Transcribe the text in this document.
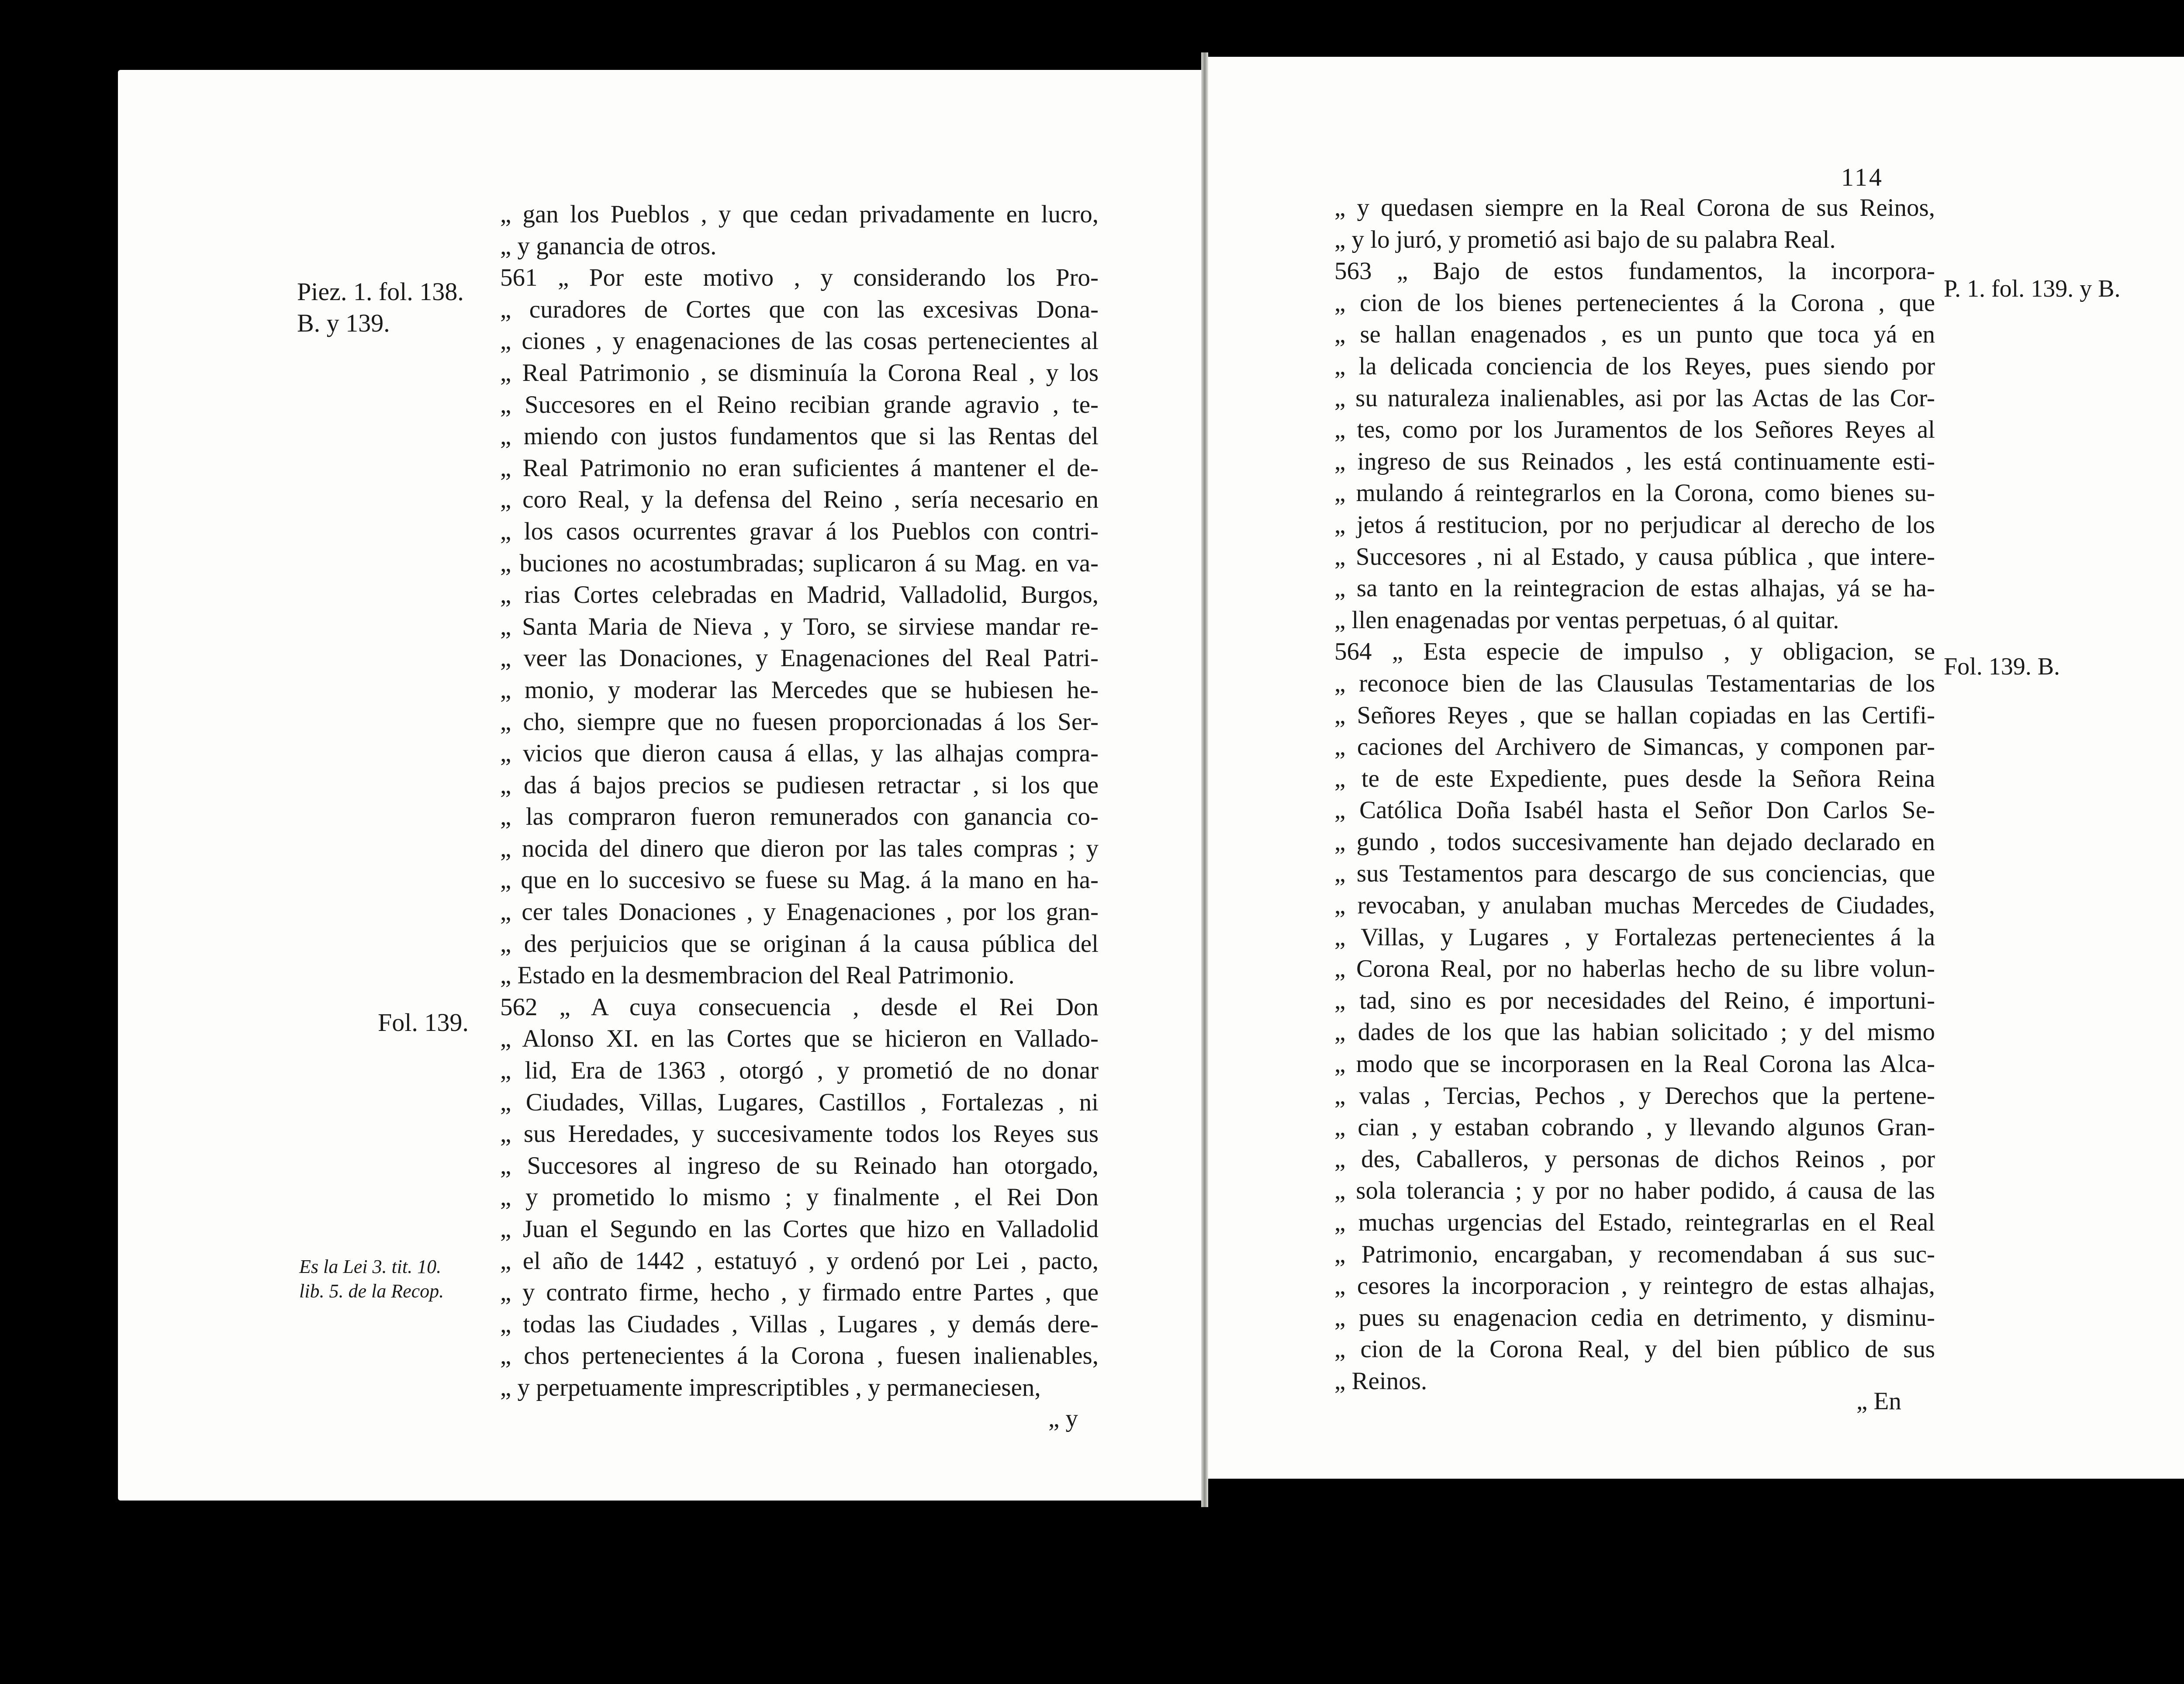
Piez. 1. fol. 138.
B. y 139.
Fol. 139.
Es la Lei 3. tit. 10.
lib. 5. de la Recop.
„ gan los Pueblos , y que cedan privadamente en lucro,
„ y ganancia de otros.
561 „ Por este motivo , y considerando los Pro-
„ curadores de Cortes que con las excesivas Dona-
„ ciones , y enagenaciones de las cosas pertenecientes al
„ Real Patrimonio , se disminuía la Corona Real , y los
„ Succesores en el Reino recibian grande agravio , te-
„ miendo con justos fundamentos que si las Rentas del
„ Real Patrimonio no eran suficientes á mantener el de-
„ coro Real, y la defensa del Reino , sería necesario en
„ los casos ocurrentes gravar á los Pueblos con contri-
„ buciones no acostumbradas; suplicaron á su Mag. en va-
„ rias Cortes celebradas en Madrid, Valladolid, Burgos,
„ Santa Maria de Nieva , y Toro, se sirviese mandar re-
„ veer las Donaciones, y Enagenaciones del Real Patri-
„ monio, y moderar las Mercedes que se hubiesen he-
„ cho, siempre que no fuesen proporcionadas á los Ser-
„ vicios que dieron causa á ellas, y las alhajas compra-
„ das á bajos precios se pudiesen retractar , si los que
„ las compraron fueron remunerados con ganancia co-
„ nocida del dinero que dieron por las tales compras ; y
„ que en lo succesivo se fuese su Mag. á la mano en ha-
„ cer tales Donaciones , y Enagenaciones , por los gran-
„ des perjuicios que se originan á la causa pública del
„ Estado en la desmembracion del Real Patrimonio.
562 „ A cuya consecuencia , desde el Rei Don
„ Alonso XI. en las Cortes que se hicieron en Vallado-
„ lid, Era de 1363 , otorgó , y prometió de no donar
„ Ciudades, Villas, Lugares, Castillos , Fortalezas , ni
„ sus Heredades, y succesivamente todos los Reyes sus
„ Succesores al ingreso de su Reinado han otorgado,
„ y prometido lo mismo ; y finalmente , el Rei Don
„ Juan el Segundo en las Cortes que hizo en Valladolid
„ el año de 1442 , estatuyó , y ordenó por Lei , pacto,
„ y contrato firme, hecho , y firmado entre Partes , que
„ todas las Ciudades , Villas , Lugares , y demás dere-
„ chos pertenecientes á la Corona , fuesen inalienables,
„ y perpetuamente imprescriptibles , y permaneciesen,
„ y
114
P. 1. fol. 139. y B.
Fol. 139. B.
„ y quedasen siempre en la Real Corona de sus Reinos,
„ y lo juró, y prometió asi bajo de su palabra Real.
563 „ Bajo de estos fundamentos, la incorpora-
„ cion de los bienes pertenecientes á la Corona , que
„ se hallan enagenados , es un punto que toca yá en
„ la delicada conciencia de los Reyes, pues siendo por
„ su naturaleza inalienables, asi por las Actas de las Cor-
„ tes, como por los Juramentos de los Señores Reyes al
„ ingreso de sus Reinados , les está continuamente esti-
„ mulando á reintegrarlos en la Corona, como bienes su-
„ jetos á restitucion, por no perjudicar al derecho de los
„ Succesores , ni al Estado, y causa pública , que intere-
„ sa tanto en la reintegracion de estas alhajas, yá se ha-
„ llen enagenadas por ventas perpetuas, ó al quitar.
564 „ Esta especie de impulso , y obligacion, se
„ reconoce bien de las Clausulas Testamentarias de los
„ Señores Reyes , que se hallan copiadas en las Certifi-
„ caciones del Archivero de Simancas, y componen par-
„ te de este Expediente, pues desde la Señora Reina
„ Católica Doña Isabél hasta el Señor Don Carlos Se-
„ gundo , todos succesivamente han dejado declarado en
„ sus Testamentos para descargo de sus conciencias, que
„ revocaban, y anulaban muchas Mercedes de Ciudades,
„ Villas, y Lugares , y Fortalezas pertenecientes á la
„ Corona Real, por no haberlas hecho de su libre volun-
„ tad, sino es por necesidades del Reino, é importuni-
„ dades de los que las habian solicitado ; y del mismo
„ modo que se incorporasen en la Real Corona las Alca-
„ valas , Tercias, Pechos , y Derechos que la pertene-
„ cian , y estaban cobrando , y llevando algunos Gran-
„ des, Caballeros, y personas de dichos Reinos , por
„ sola tolerancia ; y por no haber podido, á causa de las
„ muchas urgencias del Estado, reintegrarlas en el Real
„ Patrimonio, encargaban, y recomendaban á sus suc-
„ cesores la incorporacion , y reintegro de estas alhajas,
„ pues su enagenacion cedia en detrimento, y disminu-
„ cion de la Corona Real, y del bien público de sus
„ Reinos.
„ En
